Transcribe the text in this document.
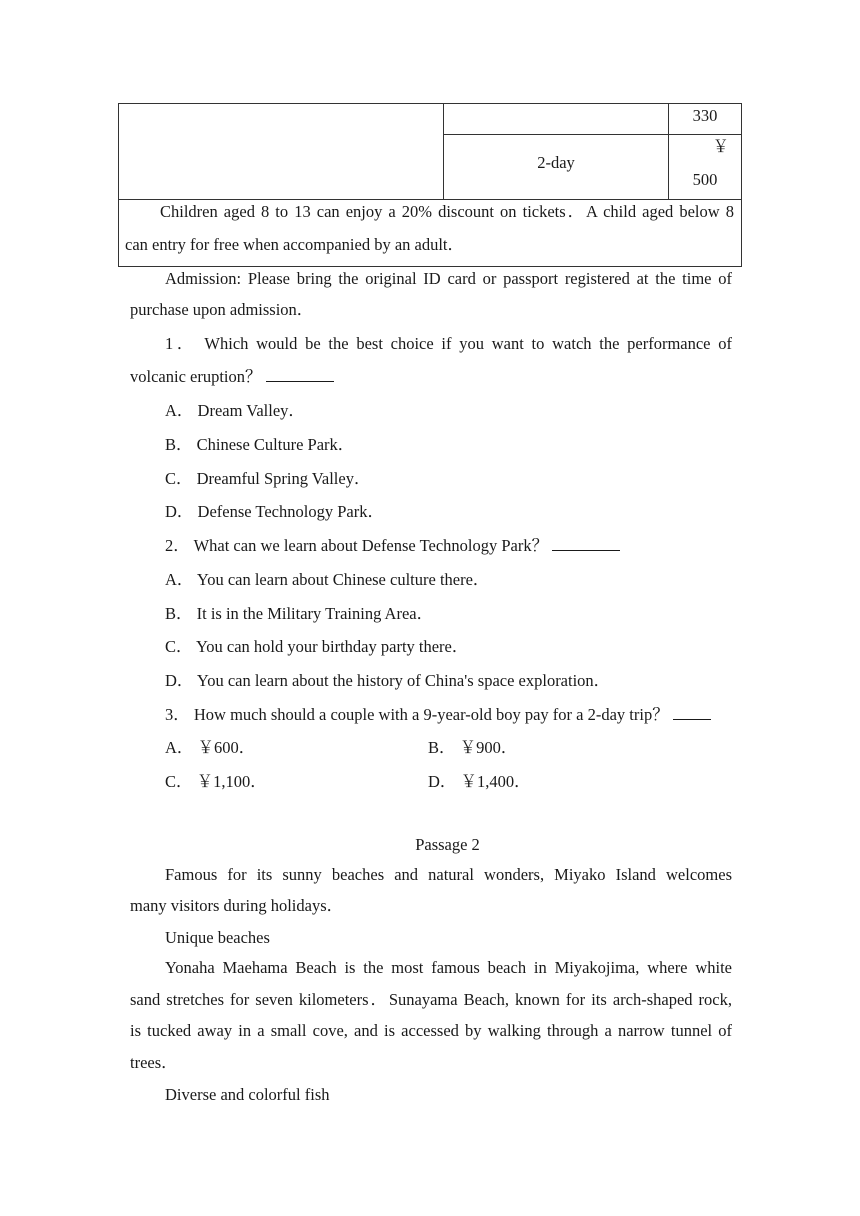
330
2-day
￥
500
Children aged 8 to 13 can enjoy a 20% discount on tickets．A child aged below 8
can entry for free when accompanied by an adult．
Admission: Please bring the original ID card or passport registered at the time of
purchase upon admission．
1． Which would be the best choice if you want to watch the performance of
volcanic eruption？
A． Dream Valley．
B． Chinese Culture Park．
C． Dreamful Spring Valley．
D． Defense Technology Park．
2． What can we learn about Defense Technology Park？
A． You can learn about Chinese culture there．
B． It is in the Military Training Area．
C． You can hold your birthday party there．
D． You can learn about the history of China's space exploration．
3． How much should a couple with a 9-year-old boy pay for a 2-day trip？
A． ￥600．	B． ￥900．
C． ￥1,100．	D． ￥1,400．
Passage 2
Famous for its sunny beaches and natural wonders, Miyako Island welcomes
many visitors during holidays．
Unique beaches
Yonaha Maehama Beach is the most famous beach in Miyakojima, where white
sand stretches for seven kilometers．Sunayama Beach, known for its arch-shaped rock,
is tucked away in a small cove, and is accessed by walking through a narrow tunnel of
trees．
Diverse and colorful fish
